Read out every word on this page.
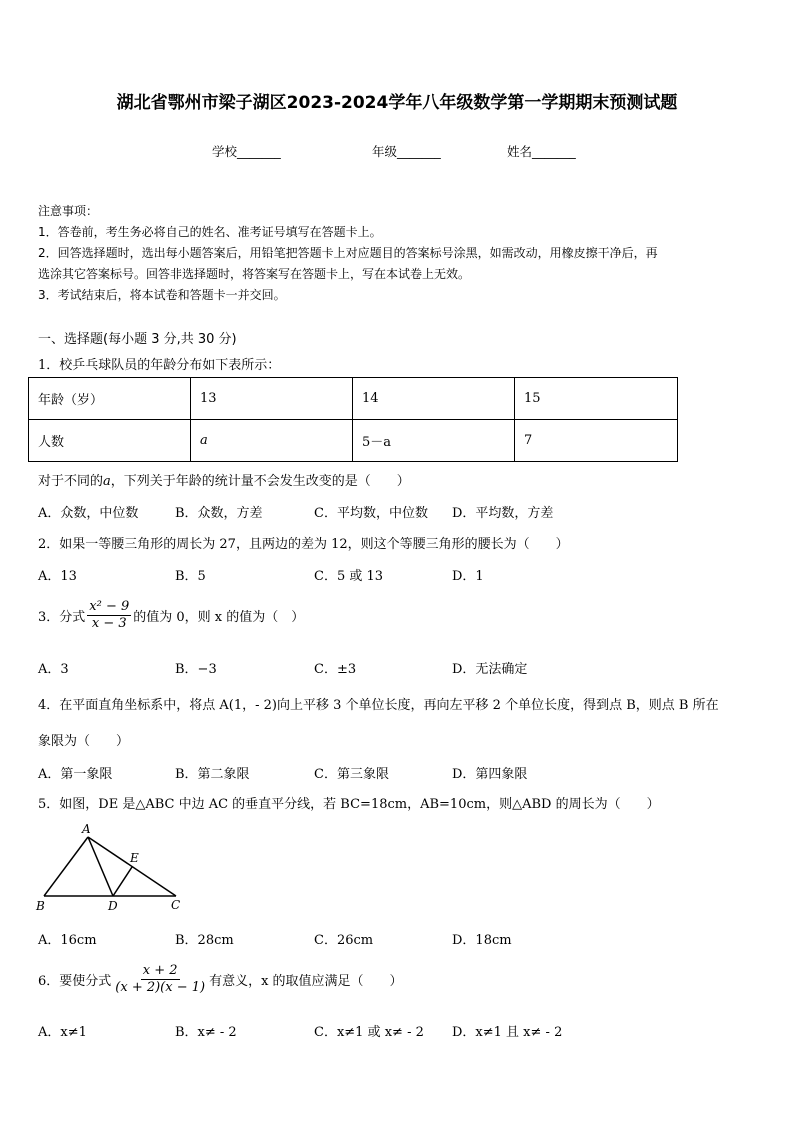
湖北省鄂州市梁子湖区2023-2024学年八年级数学第一学期期末预测试题
学校_______	年级_______	姓名_______
注意事项：
1．答卷前，考生务必将自己的姓名、准考证号填写在答题卡上。
2．回答选择题时，选出每小题答案后，用铅笔把答题卡上对应题目的答案标号涂黑，如需改动，用橡皮擦干净后，再
选涂其它答案标号。回答非选择题时，将答案写在答题卡上，写在本试卷上无效。
3．考试结束后，将本试卷和答题卡一并交回。
一、选择题(每小题 3 分,共 30 分)
1．校乒乓球队员的年龄分布如下表所示：
年龄（岁）	13	14	15
人数	a	5－a	7
对于不同的a，下列关于年龄的统计量不会发生改变的是（　　）
A．众数，中位数	B．众数，方差	C．平均数，中位数 D．平均数，方差
2．如果一等腰三角形的周长为 27，且两边的差为 12，则这个等腰三角形的腰长为（　　）
A．13	B．5	C．5 或 13	D．1
3．分式 $\frac{\text{x² − 9}}{x - 3}$ 的值为 0，则 x 的值为（　）
A．3	B．−3	C．±3	D．无法确定
4．在平面直角坐标系中，将点 A(1，- 2)向上平移 3 个单位长度，再向左平移 2 个单位长度，得到点 B，则点 B 所在
象限为（　　）
A．第一象限	B．第二象限	C．第三象限	D．第四象限
5．如图，DE 是△ABC 中边 AC 的垂直平分线，若 BC=18cm，AB=10cm，则△ABD 的周长为（　　）
A
B	C
D
E
A．16cm	B．28cm	C．26cm	D．18cm
6．要使分式 $\frac{x + 2}{(x + 2)(x - 1)}$ 有意义，x 的取值应满足（　　）
A．x≠1	B．x≠ - 2	C．x≠1 或 x≠ - 2 D．x≠1 且 x≠ - 2
